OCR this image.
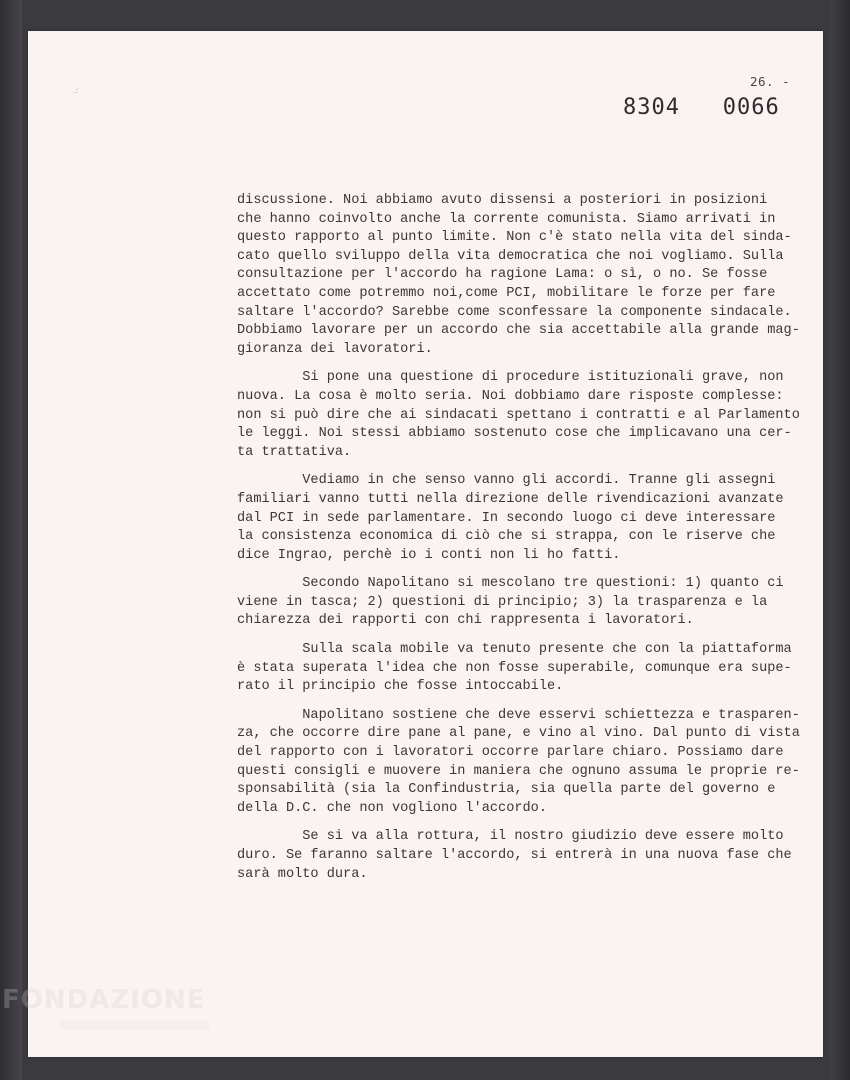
.:
26. -
8304   0066
discussione. Noi abbiamo avuto dissensi a posteriori in posizioni
che hanno coinvolto anche la corrente comunista. Siamo arrivati in
questo rapporto al punto limite. Non c'è stato nella vita del sinda-
cato quello sviluppo della vita democratica che noi vogliamo. Sulla
consultazione per l'accordo ha ragione Lama: o sì, o no. Se fosse
accettato come potremmo noi,come PCI, mobilitare le forze per fare
saltare l'accordo? Sarebbe come sconfessare la componente sindacale.
Dobbiamo lavorare per un accordo che sia accettabile alla grande mag-
gioranza dei lavoratori.
Si pone una questione di procedure istituzionali grave, non
nuova. La cosa è molto seria. Noi dobbiamo dare risposte complesse:
non si può dire che ai sindacati spettano i contratti e al Parlamento
le leggi. Noi stessi abbiamo sostenuto cose che implicavano una cer-
ta trattativa.
Vediamo in che senso vanno gli accordi. Tranne gli assegni
familiari vanno tutti nella direzione delle rivendicazioni avanzate
dal PCI in sede parlamentare. In secondo luogo ci deve interessare
la consistenza economica di ciò che si strappa, con le riserve che
dice Ingrao, perchè io i conti non li ho fatti.
Secondo Napolitano si mescolano tre questioni: 1) quanto ci
viene in tasca; 2) questioni di principio; 3) la trasparenza e la
chiarezza dei rapporti con chi rappresenta i lavoratori.
Sulla scala mobile va tenuto presente che con la piattaforma
è stata superata l'idea che non fosse superabile, comunque era supe-
rato il principio che fosse intoccabile.
Napolitano sostiene che deve esservi schiettezza e trasparen-
za, che occorre dire pane al pane, e vino al vino. Dal punto di vista
del rapporto con i lavoratori occorre parlare chiaro. Possiamo dare
questi consigli e muovere in maniera che ognuno assuma le proprie re-
sponsabilità (sia la Confindustria, sia quella parte del governo e
della D.C. che non vogliono l'accordo.
Se si va alla rottura, il nostro giudizio deve essere molto
duro. Se faranno saltare l'accordo, si entrerà in una nuova fase che
sarà molto dura.
FONDAZIONE
